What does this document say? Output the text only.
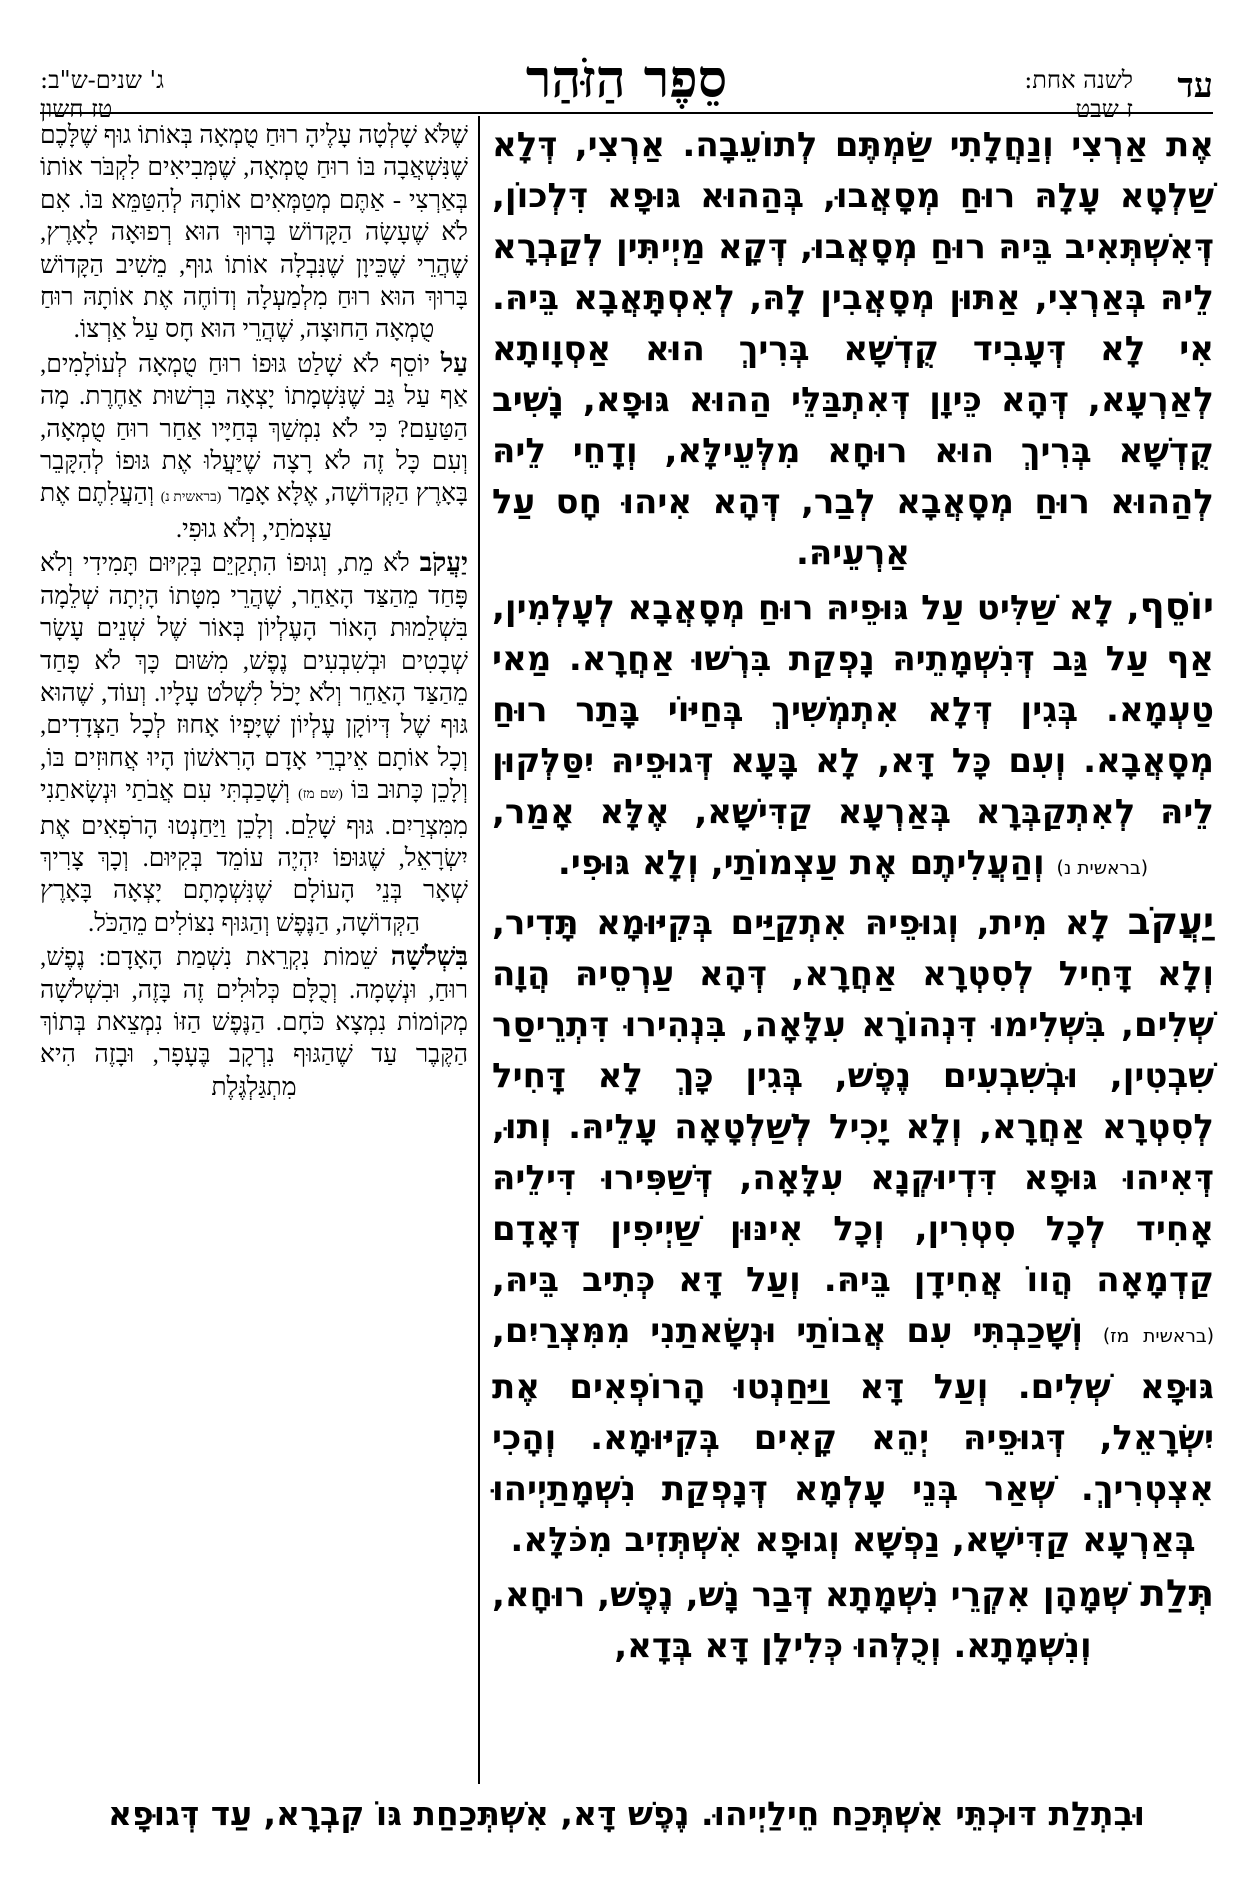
עד
לשנה אחת:
ז שבט
סֵפֶר הַזֹּהַר
ג' שנים-ש"ב:
טז חשון

אֶת אַרְצִי וְנַחֲלָתִי שַׂמְתֶּם לְתוֹעֵבָה. אַרְצִי, דְּלָא שַׁלְטָא עָלָהּ רוּחַ מְסָאֲבוּ, בְּהַהוּא גּוּפָא דִּלְכוֹן, דְּאִשְׁתְּאִיב בֵּיהּ רוּחַ מְסָאֲבוּ, דְּקָא מַיְיתִּין לְקַבְרָא לֵיהּ בְּאַרְצִי, אַתּוּן מְסָאֲבִין לָהּ, לְאִסְתָּאֲבָא בֵּיהּ. אִי לָא דְּעָבִיד קֻדְשָׁא בְּרִיךְ הוּא אַסְוָותָא לְאַרְעָא, דְּהָא כֵּיוָן דְּאִתְבַּלֵּי הַהוּא גּוּפָא, נָשִׁיב קֻדְשָׁא בְּרִיךְ הוּא רוּחָא מִלְּעֵילָּא, וְדָחֵי לֵיהּ לְהַהוּא רוּחַ מְסָאֲבָא לְבַר, דְּהָא אִיהוּ חָס עַל אַרְעֵיהּ.

יוֹסֵף, לָא שַׁלִּיט עַל גּוּפֵיהּ רוּחַ מְסָאֲבָא לְעָלְמִין, אַף עַל גַּב דְּנִשְׁמָתֵיהּ נָפְקַת בִּרְשׁוּ אַחֲרָא. מַאי טַעְמָא. בְּגִין דְּלָא אִתְמְשִׁיךְ בְּחַיּוֹי בָּתַר רוּחַ מְסָאֲבָא. וְעִם כָּל דָּא, לָא בָּעָא דְּגוּפֵיהּ יִסַּלְּקוּן לֵיהּ לְאִתְקַבְּרָא בְּאַרְעָא קַדִּישָׁא, אֶלָּא אָמַר, (בראשית נ) וְהַעֲלִיתֶם אֶת עַצְמוֹתַי, וְלָא גּוּפִי.

יַעֲקֹב לָא מִית, וְגוּפֵיהּ אִתְקַיַּים בְּקִיּוּמָא תָּדִיר, וְלָא דָּחִיל לְסִטְרָא אַחֲרָא, דְּהָא עַרְסֵיהּ הֲוָה שְׁלִים, בִּשְׁלִימוּ דִּנְהוֹרָא עִלָּאָה, בִּנְהִירוּ דִּתְרֵיסַר שִׁבְטִין, וּבְשִׁבְעִים נֶפֶשׁ, בְּגִין כָּךְ לָא דָּחִיל לְסִטְרָא אַחֲרָא, וְלָא יָכִיל לְשַׁלְטָאָה עָלֵיהּ. וְתוּ, דְּאִיהוּ גּוּפָא דִּדְיוּקְנָא עִלָּאָה, דְּשַׁפִּירוּ דִּילֵיהּ אָחִיד לְכָל סִטְרִין, וְכָל אִינּוּן שַׁיְיפִין דְּאָדָם קַדְמָאָה הֲווֹ אֲחִידָן בֵּיהּ. וְעַל דָּא כְּתִיב בֵּיהּ, (בראשית מז) וְשָׁכַבְתִּי עִם אֲבוֹתַי וּנְשָׂאתַנִי מִמִּצְרַיִם, גּוּפָא שְׁלִים. וְעַל דָּא וַיַּחַנְטוּ הָרוֹפְאִים אֶת יִשְׂרָאֵל, דְּגוּפֵיהּ יְהֵא קָאִים בְּקִיּוּמָא. וְהָכִי אִצְטְרִיךְ. שְׁאַר בְּנֵי עָלְמָא דְּנָפְקַת נִשְׁמָתַיְיהוּ בְּאַרְעָא קַדִּישָׁא, נַפְשָׁא וְגוּפָא אִשְׁתְּזִיב מִכֹּלָּא.

תְּלַת שְׁמָהָן אִקְרֵי נִשְׁמָתָא דְּבַר נָשׁ, נֶפֶשׁ, רוּחָא, וְנִשְׁמָתָא. וְכֻלְּהוּ כְּלִילָן דָּא בְּדָא,

שֶׁלֹּא שָׁלְטָה עָלֶיהָ רוּחַ טֻמְאָה בְּאוֹתוֹ גוּף שֶׁלָּכֶם שֶׁנִּשְׁאֲבָה בּוֹ רוּחַ טֻמְאָה, שֶׁמְּבִיאִים לִקְבֹּר אוֹתוֹ בְּאַרְצִי - אַתֶּם מְטַמְּאִים אוֹתָהּ לְהִטַּמֵּא בּוֹ. אִם לֹא שֶׁעָשָׂה הַקָּדוֹשׁ בָּרוּךְ הוּא רְפוּאָה לָאָרֶץ, שֶׁהֲרֵי שֶׁכֵּיוָן שֶׁנִּבְלָה אוֹתוֹ גוּף, מֵשִׁיב הַקָּדוֹשׁ בָּרוּךְ הוּא רוּחַ מִלְמַעְלָה וְדוֹחֶה אֶת אוֹתָהּ רוּחַ טֻמְאָה הַחוּצָה, שֶׁהֲרֵי הוּא חָס עַל אַרְצוֹ.

עַל יוֹסֵף לֹא שָׁלַט גּוּפוֹ רוּחַ טֻמְאָה לְעוֹלָמִים, אַף עַל גַּב שֶׁנִּשְׁמָתוֹ יָצְאָה בִּרְשׁוּת אַחֶרֶת. מָה הַטַּעַם? כִּי לֹא נִמְשַׁךְ בְּחַיָּיו אַחַר רוּחַ טֻמְאָה, וְעִם כָּל זֶה לֹא רָצָה שֶׁיַּעֲלוּ אֶת גּוּפוֹ לְהִקָּבֵר בָּאָרֶץ הַקְּדוֹשָׁה, אֶלָּא אָמַר (בראשית נ) וְהַעֲלִתֶם אֶת עַצְמֹתַי, וְלֹא גוּפִי.

יַעֲקֹב לֹא מֵת, וְגוּפוֹ הִתְקַיֵּם בְּקִיּוּם תָּמִידִי וְלֹא פָּחַד מֵהַצַּד הָאַחֵר, שֶׁהֲרֵי מִטָּתוֹ הָיְתָה שְׁלֵמָה בִּשְׁלֵמוּת הָאוֹר הָעֶלְיוֹן בְּאוֹר שֶׁל שְׁנֵים עָשָׂר שְׁבָטִים וּבְשִׁבְעִים נֶפֶשׁ, מִשּׁוּם כָּךְ לֹא פָחַד מֵהַצַּד הָאַחֵר וְלֹא יָכֹל לִשְׁלֹט עָלָיו. וְעוֹד, שֶׁהוּא גּוּף שֶׁל דְּיוֹקָן עֶלְיוֹן שֶׁיָּפְיוֹ אָחוּז לְכָל הַצְּדָדִים, וְכָל אוֹתָם אֵיבְרֵי אָדָם הָרִאשׁוֹן הָיוּ אֲחוּזִים בּוֹ, וְלָכֵן כָּתוּב בּוֹ (שם מז) וְשָׁכַבְתִּי עִם אֲבֹתַי וּנְשָׂאתַנִי מִמִּצְרַיִם. גּוּף שָׁלֵם. וְלָכֵן וַיַּחַנְטוּ הָרֹפְאִים אֶת יִשְׂרָאֵל, שֶׁגּוּפוֹ יִהְיֶה עוֹמֵד בְּקִיּוּם. וְכָךְ צָרִיךְ שְׁאָר בְּנֵי הָעוֹלָם שֶׁנִּשְׁמָתָם יָצְאָה בָּאָרֶץ הַקְּדוֹשָׁה, הַנֶּפֶשׁ וְהַגּוּף נִצּוֹלִים מֵהַכֹּל.

בִּשְׁלֹשָׁה שֵׁמוֹת נִקְרֵאת נִשְׁמַת הָאָדָם: נֶפֶשׁ, רוּחַ, וּנְשָׁמָה. וְכֻלָּם כְּלוּלִים זֶה בָּזֶה, וּבִשְׁלֹשָׁה מְקוֹמוֹת נִמְצָא כֹּחָם. הַנֶּפֶשׁ הַזּוֹ נִמְצֵאת בְּתוֹךְ הַקֶּבֶר עַד שֶׁהַגּוּף נִרְקָב בֶּעָפָר, וּבָזֶה הִיא מִתְגַּלְגֶּלֶת

וּבִתְלַת דּוּכְתֵּי אִשְׁתְּכַח חֵילַיְיהוּ. נֶפֶשׁ דָּא, אִשְׁתְּכַחַת גּוֹ קִבְרָא, עַד דְּגוּפָא
